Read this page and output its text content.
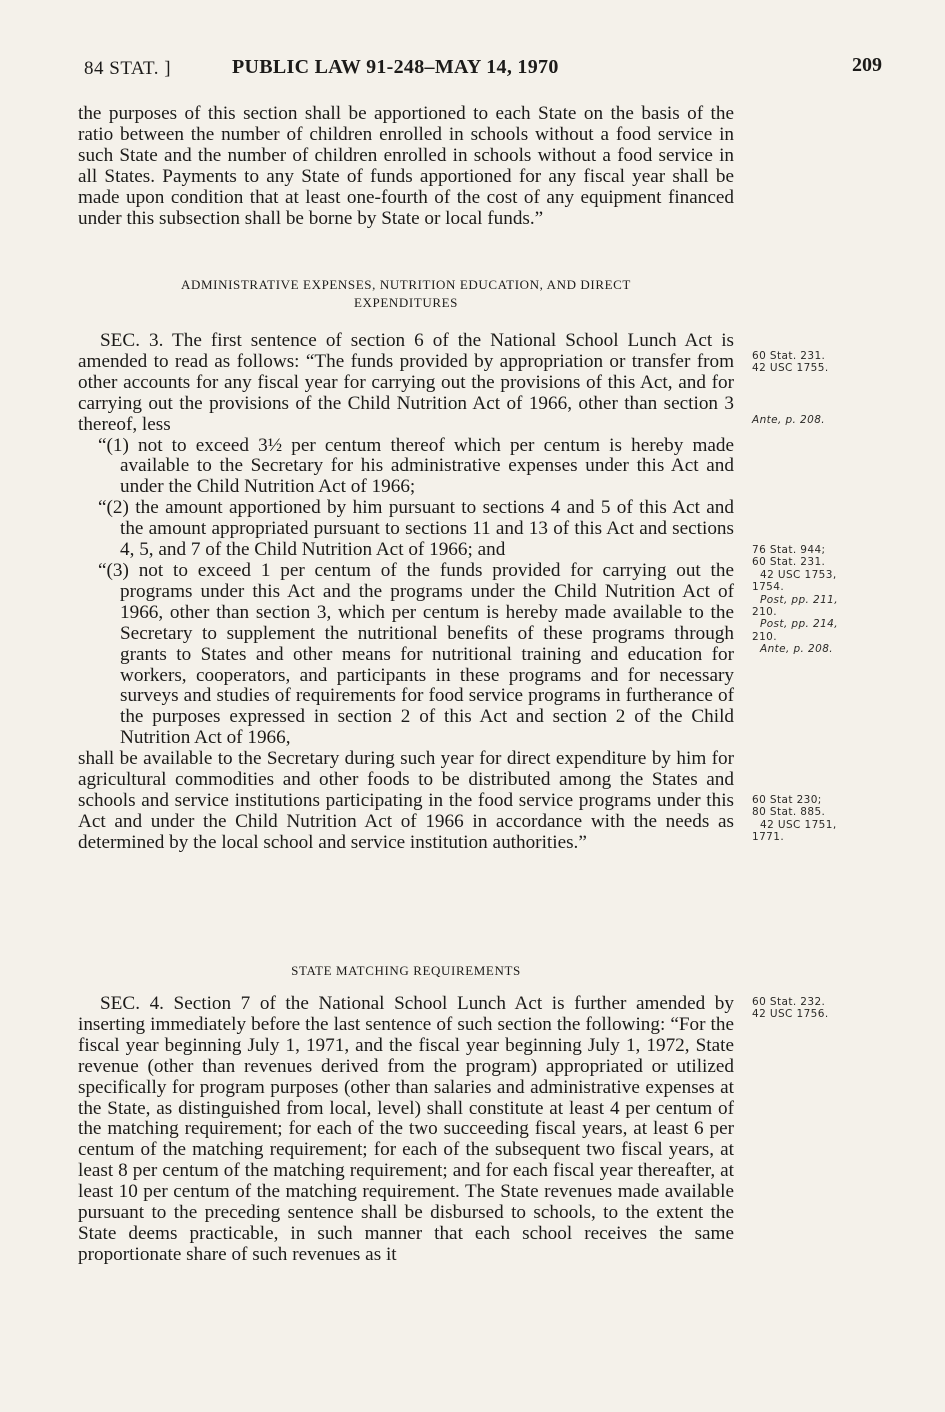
84 STAT. ]	PUBLIC LAW 91-248–MAY 14, 1970	209

the purposes of this section shall be apportioned to each State on the basis of the ratio between the number of children enrolled in schools without a food service in such State and the number of children enrolled in schools without a food service in all States. Payments to any State of funds apportioned for any fiscal year shall be made upon condition that at least one-fourth of the cost of any equipment financed under this subsection shall be borne by State or local funds.”

ADMINISTRATIVE EXPENSES, NUTRITION EDUCATION, AND DIRECT
EXPENDITURES

SEC. 3. The first sentence of section 6 of the National School Lunch Act is amended to read as follows: “The funds provided by appropriation or transfer from other accounts for any fiscal year for carrying out the provisions of this Act, and for carrying out the provisions of the Child Nutrition Act of 1966, other than section 3 thereof, less

“(1) not to exceed 3½ per centum thereof which per centum is hereby made available to the Secretary for his administrative expenses under this Act and under the Child Nutrition Act of 1966;

“(2) the amount apportioned by him pursuant to sections 4 and 5 of this Act and the amount appropriated pursuant to sections 11 and 13 of this Act and sections 4, 5, and 7 of the Child Nutrition Act of 1966; and

“(3) not to exceed 1 per centum of the funds provided for carrying out the programs under this Act and the programs under the Child Nutrition Act of 1966, other than section 3, which per centum is hereby made available to the Secretary to supplement the nutritional benefits of these programs through grants to States and other means for nutritional training and education for workers, cooperators, and participants in these programs and for necessary surveys and studies of requirements for food service programs in furtherance of the purposes expressed in section 2 of this Act and section 2 of the Child Nutrition Act of 1966,

shall be available to the Secretary during such year for direct expenditure by him for agricultural commodities and other foods to be distributed among the States and schools and service institutions participating in the food service programs under this Act and under the Child Nutrition Act of 1966 in accordance with the needs as determined by the local school and service institution authorities.”

STATE MATCHING REQUIREMENTS

SEC. 4. Section 7 of the National School Lunch Act is further amended by inserting immediately before the last sentence of such section the following: “For the fiscal year beginning July 1, 1971, and the fiscal year beginning July 1, 1972, State revenue (other than revenues derived from the program) appropriated or utilized specifically for program purposes (other than salaries and administrative expenses at the State, as distinguished from local, level) shall constitute at least 4 per centum of the matching requirement; for each of the two succeeding fiscal years, at least 6 per centum of the matching requirement; for each of the subsequent two fiscal years, at least 8 per centum of the matching requirement; and for each fiscal year thereafter, at least 10 per centum of the matching requirement. The State revenues made available pursuant to the preceding sentence shall be disbursed to schools, to the extent the State deems practicable, in such manner that each school receives the same proportionate share of such revenues as it

60 Stat. 231.
42 USC 1755.
Ante, p. 208.
76 Stat. 944;
60 Stat. 231.
42 USC 1753,
1754.
Post, pp. 211,
210.
Post, pp. 214,
210.
Ante, p. 208.
60 Stat 230;
80 Stat. 885.
42 USC 1751,
1771.
60 Stat. 232.
42 USC 1756.
